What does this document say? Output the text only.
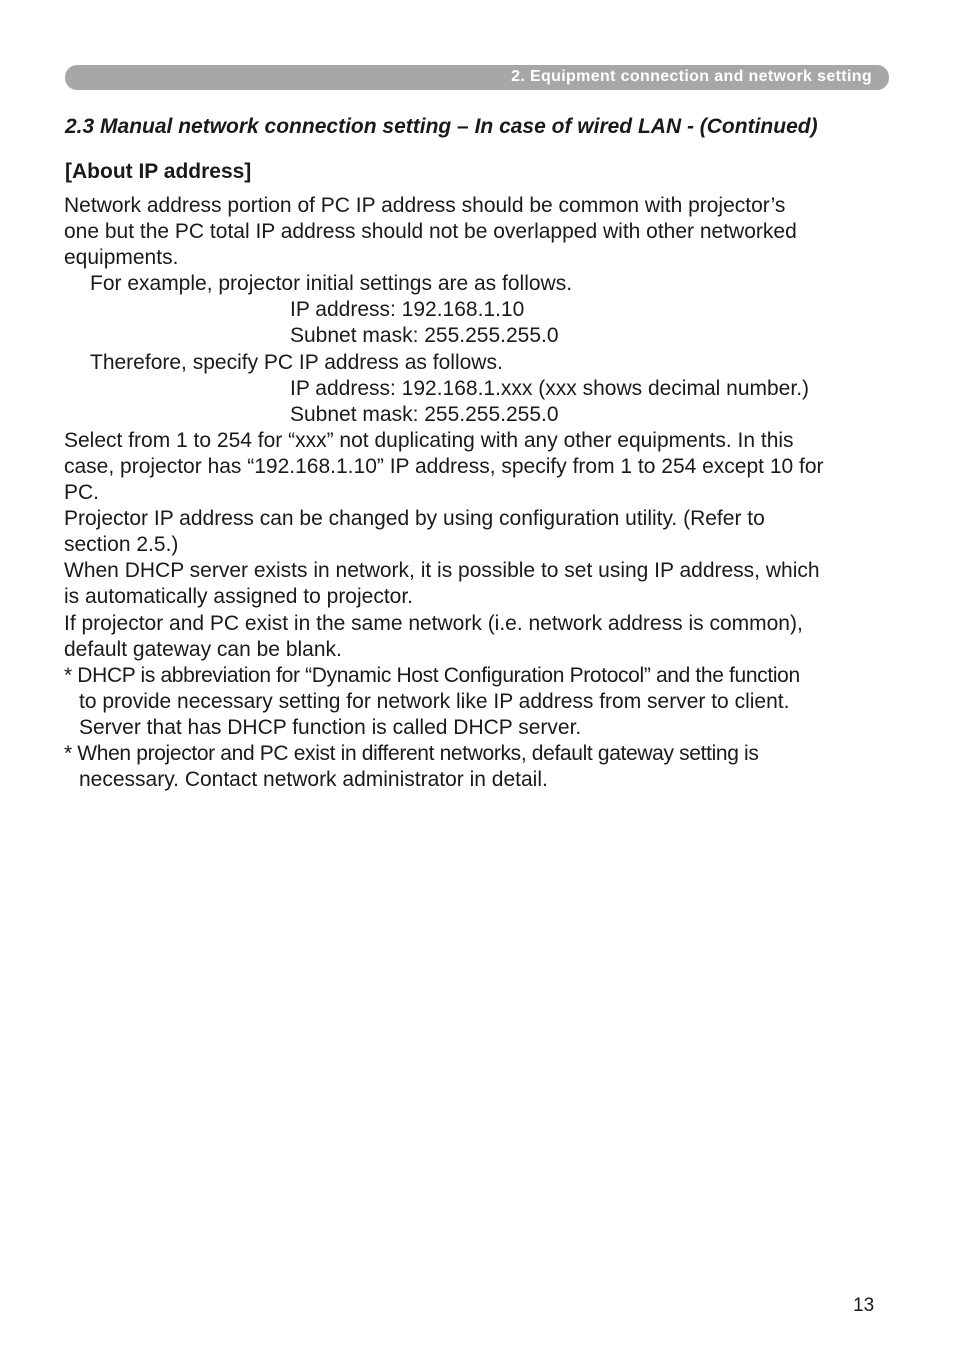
2. Equipment connection and network setting
2.3 Manual network connection setting – In case of wired LAN - (Continued)
[About IP address]
Network address portion of PC IP address should be common with projector’s
one but the PC total IP address should not be overlapped with other networked
equipments.
For example, projector initial settings are as follows.
IP address: 192.168.1.10
Subnet mask: 255.255.255.0
Therefore, specify PC IP address as follows.
IP address: 192.168.1.xxx (xxx shows decimal number.)
Subnet mask: 255.255.255.0
Select from 1 to 254 for “xxx” not duplicating with any other equipments. In this
case, projector has “192.168.1.10” IP address, specify from 1 to 254 except 10 for
PC.
Projector IP address can be changed by using configuration utility. (Refer to
section 2.5.)
When DHCP server exists in network, it is possible to set using IP address, which
is automatically assigned to projector.
If projector and PC exist in the same network (i.e. network address is common),
default gateway can be blank.
* DHCP is abbreviation for “Dynamic Host Configuration Protocol” and the function
to provide necessary setting for network like IP address from server to client.
Server that has DHCP function is called DHCP server.
* When projector and PC exist in different networks, default gateway setting is
necessary. Contact network administrator in detail.
13
